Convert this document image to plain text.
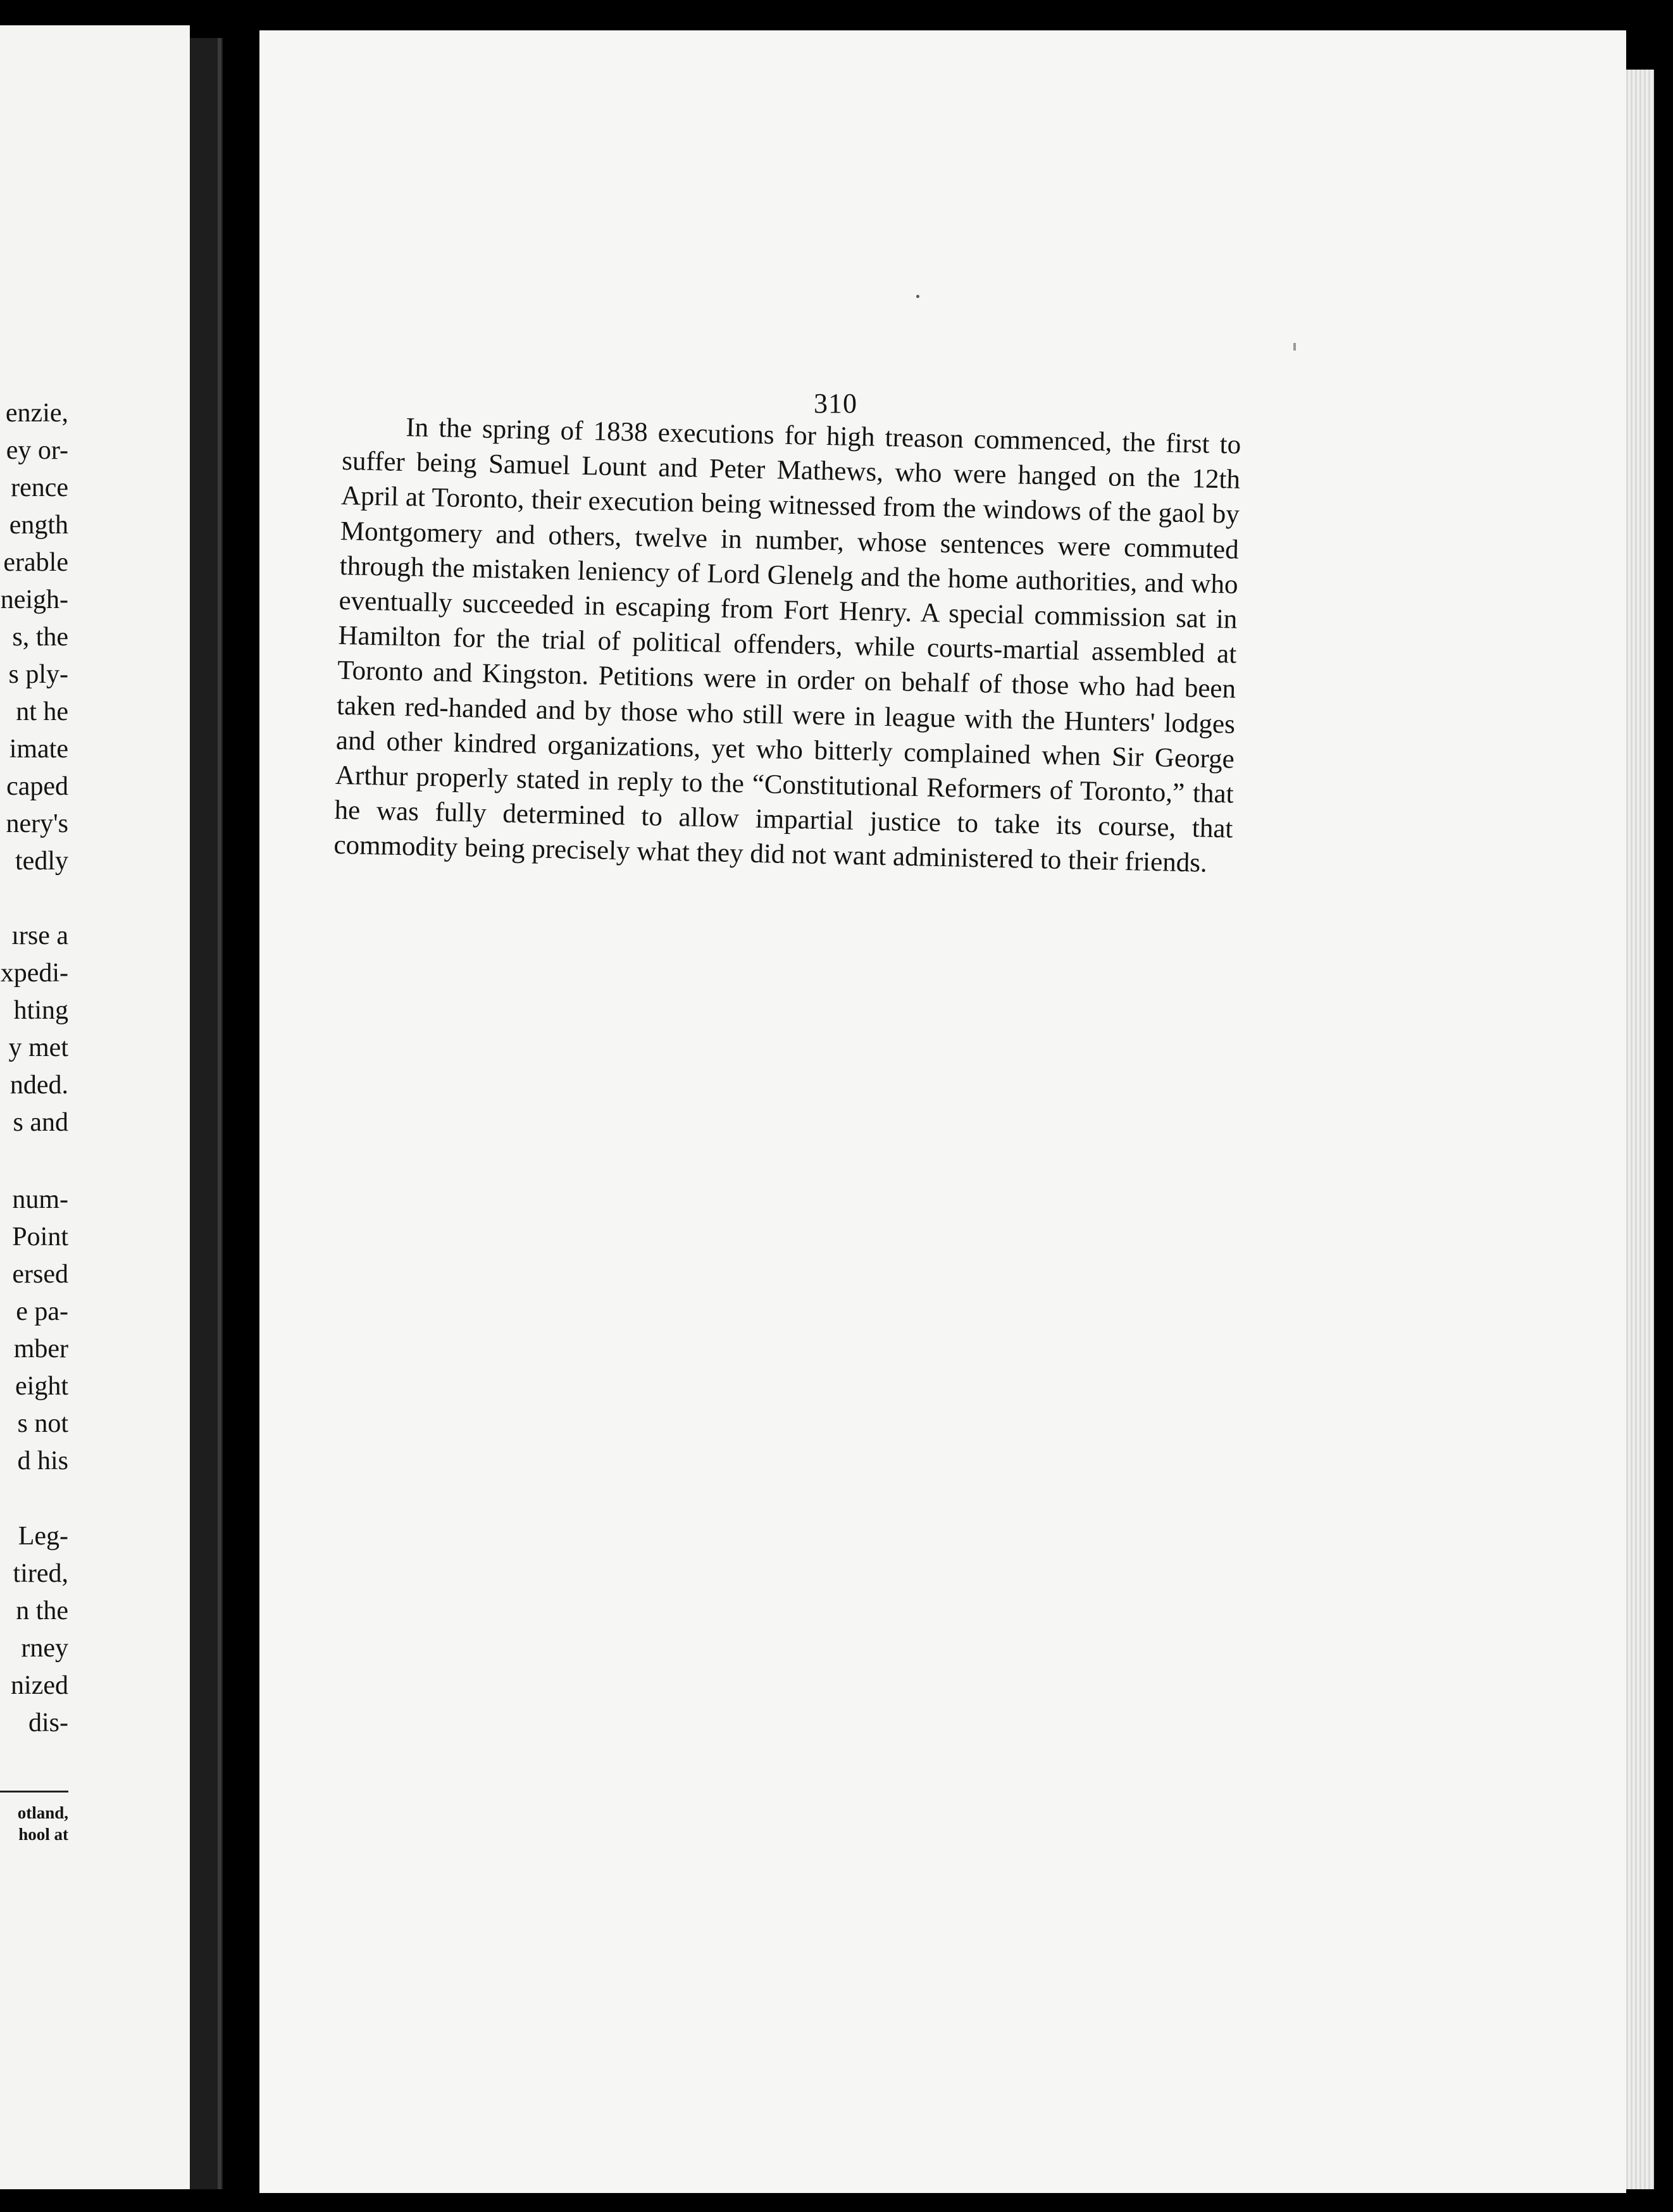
enzie,
ey or-
rence
ength
erable
neigh-
s, the
s ply-
nt he
imate
caped
nery's
tedly
ırse a
xpedi-
hting
y met
nded.
s and
num-
Point
ersed
e pa-
mber
eight
s not
d his
Leg-
tired,
n the
rney
nized
dis-
otland,
hool at
310

In the spring of 1838 executions for high treason commenced, the first to suffer being Samuel Lount and Peter Mathews, who were hanged on the 12th April at Toronto, their execution being witnessed from the windows of the gaol by Montgomery and others, twelve in number, whose sentences were commuted through the mistaken leniency of Lord Glenelg and the home authorities, and who eventually succeeded in escaping from Fort Henry. A special commission sat in Hamilton for the trial of political offenders, while courts-martial assembled at Toronto and Kingston. Petitions were in order on behalf of those who had been taken red-handed and by those who still were in league with the Hunters' lodges and other kindred organizations, yet who bitterly complained when Sir George Arthur properly stated in reply to the “Constitutional Reformers of Toronto,” that he was fully determined to allow impartial justice to take its course, that commodity being precisely what they did not want administered to their friends.
